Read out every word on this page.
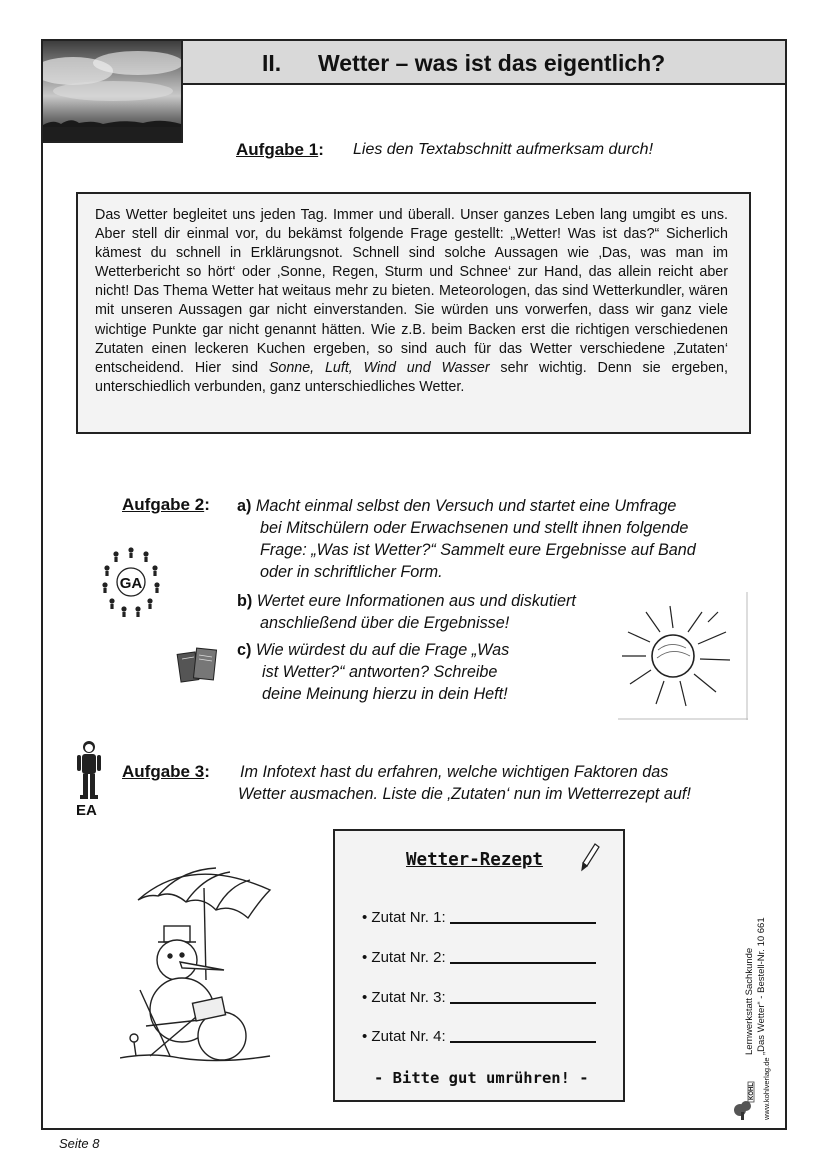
II. Wetter – was ist das eigentlich?
Aufgabe 1: Lies den Textabschnitt aufmerksam durch!
Das Wetter begleitet uns jeden Tag. Immer und überall. Unser ganzes Leben lang umgibt es uns. Aber stell dir einmal vor, du bekämst folgende Frage gestellt: „Wetter! Was ist das?“ Sicherlich kämest du schnell in Erklärungsnot. Schnell sind solche Aussagen wie ‚Das, was man im Wetterbericht so hört‘ oder ‚Sonne, Regen, Sturm und Schnee‘ zur Hand, das allein reicht aber nicht! Das Thema Wetter hat weitaus mehr zu bieten. Meteorologen, das sind Wetterkundler, wären mit unseren Aussagen gar nicht einverstanden. Sie würden uns vorwerfen, dass wir ganz viele wichtige Punkte gar nicht genannt hätten. Wie z.B. beim Backen erst die richtigen verschiedenen Zutaten einen leckeren Kuchen ergeben, so sind auch für das Wetter verschiedene ‚Zutaten‘ entscheidend. Hier sind Sonne, Luft, Wind und Wasser sehr wichtig. Denn sie ergeben, unterschiedlich verbunden, ganz unterschiedliches Wetter.
Aufgabe 2:
GA
a) Macht einmal selbst den Versuch und startet eine Umfrage
bei Mitschülern oder Erwachsenen und stellt ihnen folgende
Frage: „Was ist Wetter?“ Sammelt eure Ergebnisse auf Band
oder in schriftlicher Form.
b) Wertet eure Informationen aus und diskutiert
anschließend über die Ergebnisse!
c) Wie würdest du auf die Frage „Was
ist Wetter?“ antworten? Schreibe
deine Meinung hierzu in dein Heft!
EA
Aufgabe 3: Im Infotext hast du erfahren, welche wichtigen Faktoren das
Wetter ausmachen. Liste die ‚Zutaten‘ nun im Wetterrezept auf!
Wetter-Rezept
• Zutat Nr. 1:
• Zutat Nr. 2:
• Zutat Nr. 3:
• Zutat Nr. 4:
- Bitte gut umrühren! -
Lernwerkstatt Sachkunde „Das Wetter“ - Bestell-Nr. 10 661
KOHL www.kohlverlag.de
Seite 8
